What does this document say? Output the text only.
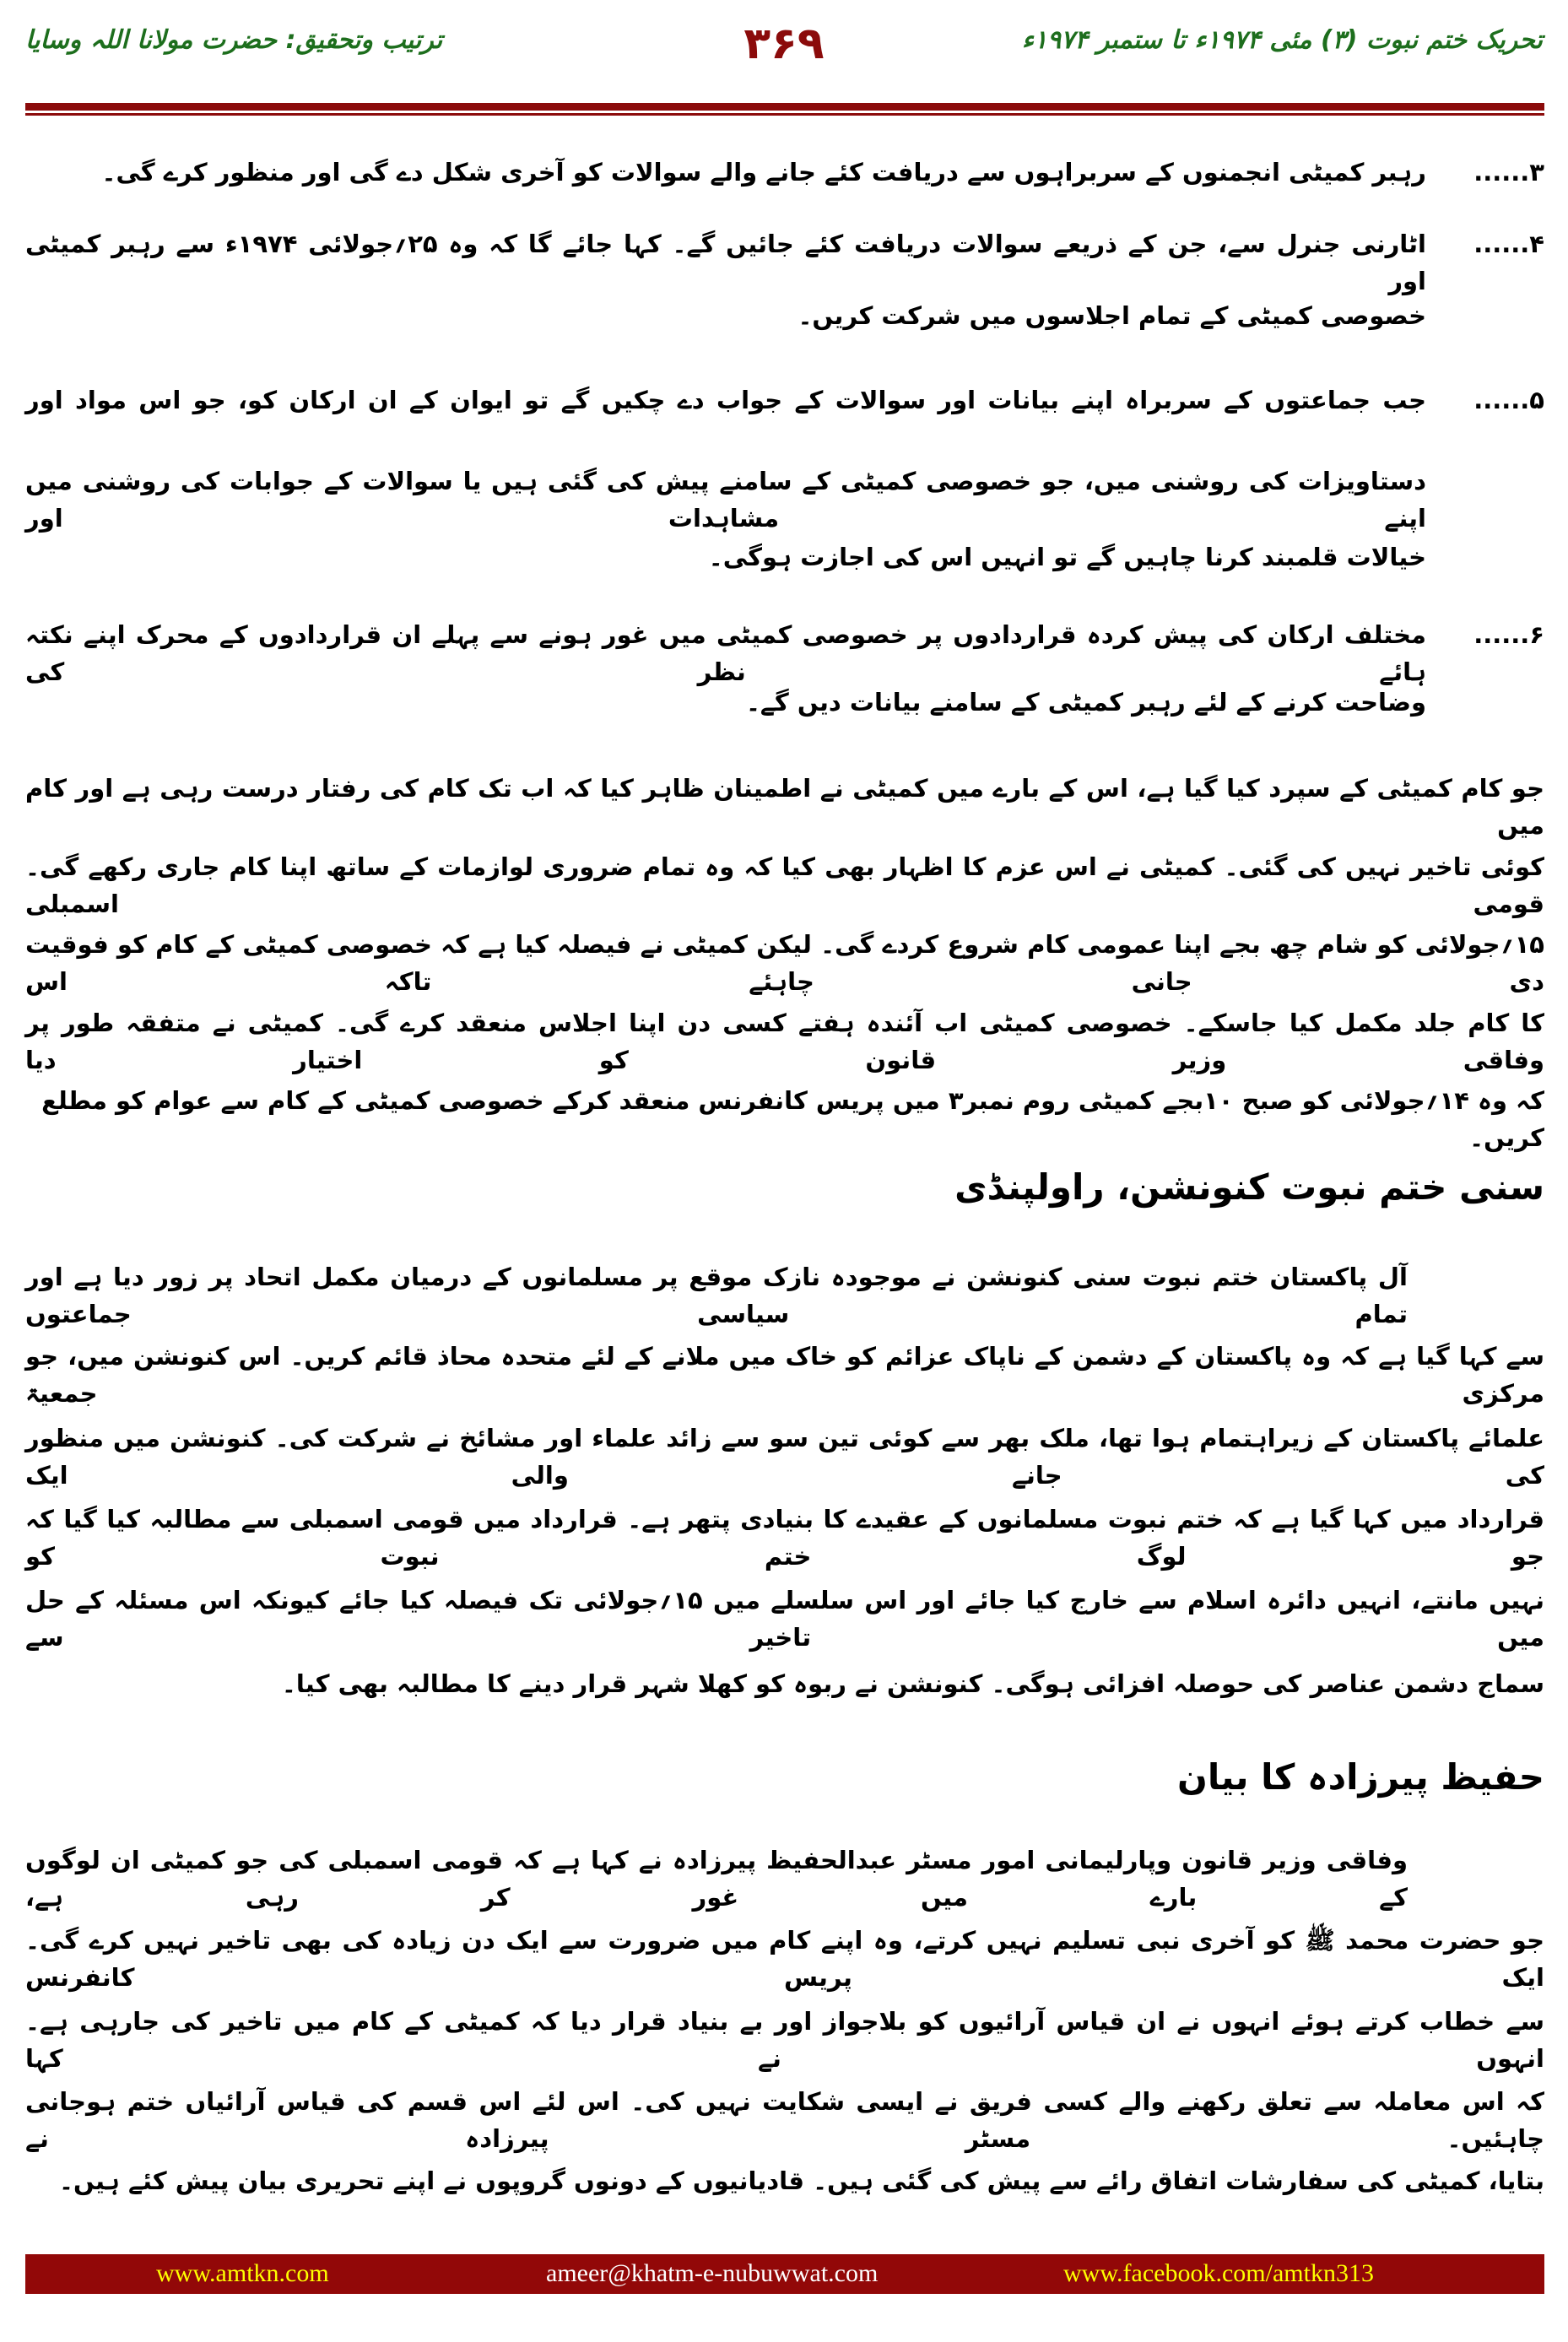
تحریک ختم نبوت (۳) مئی ۱۹۷۴ء تا ستمبر ۱۹۷۴ء
۳۶۹
ترتیب وتحقیق: حضرت مولانا اللہ وسایا
۳......
رہبر کمیٹی انجمنوں کے سربراہوں سے دریافت کئے جانے والے سوالات کو آخری شکل دے گی اور منظور کرے گی۔
۴......
اٹارنی جنرل سے، جن کے ذریعے سوالات دریافت کئے جائیں گے۔ کہا جائے گا کہ وہ ۲۵؍جولائی ۱۹۷۴ء سے رہبر کمیٹی اور
خصوصی کمیٹی کے تمام اجلاسوں میں شرکت کریں۔
۵......
جب جماعتوں کے سربراہ اپنے بیانات اور سوالات کے جواب دے چکیں گے تو ایوان کے ان ارکان کو، جو اس مواد اور
دستاویزات کی روشنی میں، جو خصوصی کمیٹی کے سامنے پیش کی گئی ہیں یا سوالات کے جوابات کی روشنی میں اپنے مشاہدات اور
خیالات قلمبند کرنا چاہیں گے تو انہیں اس کی اجازت ہوگی۔
۶......
مختلف ارکان کی پیش کردہ قراردادوں پر خصوصی کمیٹی میں غور ہونے سے پہلے ان قراردادوں کے محرک اپنے نکتہ ہائے نظر کی
وضاحت کرنے کے لئے رہبر کمیٹی کے سامنے بیانات دیں گے۔
جو کام کمیٹی کے سپرد کیا گیا ہے، اس کے بارے میں کمیٹی نے اطمینان ظاہر کیا کہ اب تک کام کی رفتار درست رہی ہے اور کام میں
کوئی تاخیر نہیں کی گئی۔ کمیٹی نے اس عزم کا اظہار بھی کیا کہ وہ تمام ضروری لوازمات کے ساتھ اپنا کام جاری رکھے گی۔ قومی اسمبلی
۱۵؍جولائی کو شام چھ بجے اپنا عمومی کام شروع کردے گی۔ لیکن کمیٹی نے فیصلہ کیا ہے کہ خصوصی کمیٹی کے کام کو فوقیت دی جانی چاہئے تاکہ اس
کا کام جلد مکمل کیا جاسکے۔ خصوصی کمیٹی اب آئندہ ہفتے کسی دن اپنا اجلاس منعقد کرے گی۔ کمیٹی نے متفقہ طور پر وفاقی وزیر قانون کو اختیار دیا
کہ وہ ۱۴؍جولائی کو صبح ۱۰بجے کمیٹی روم نمبر۳ میں پریس کانفرنس منعقد کرکے خصوصی کمیٹی کے کام سے عوام کو مطلع کریں۔
سنی ختم نبوت کنونشن، راولپنڈی
آل پاکستان ختم نبوت سنی کنونشن نے موجودہ نازک موقع پر مسلمانوں کے درمیان مکمل اتحاد پر زور دیا ہے اور تمام سیاسی جماعتوں
سے کہا گیا ہے کہ وہ پاکستان کے دشمن کے ناپاک عزائم کو خاک میں ملانے کے لئے متحدہ محاذ قائم کریں۔ اس کنونشن میں، جو مرکزی جمعیۃ
علمائے پاکستان کے زیراہتمام ہوا تھا، ملک بھر سے کوئی تین سو سے زائد علماء اور مشائخ نے شرکت کی۔ کنونشن میں منظور کی جانے والی ایک
قرارداد میں کہا گیا ہے کہ ختم نبوت مسلمانوں کے عقیدے کا بنیادی پتھر ہے۔ قرارداد میں قومی اسمبلی سے مطالبہ کیا گیا کہ جو لوگ ختم نبوت کو
نہیں مانتے، انہیں دائرہ اسلام سے خارج کیا جائے اور اس سلسلے میں ۱۵؍جولائی تک فیصلہ کیا جائے کیونکہ اس مسئلہ کے حل میں تاخیر سے
سماج دشمن عناصر کی حوصلہ افزائی ہوگی۔ کنونشن نے ربوہ کو کھلا شہر قرار دینے کا مطالبہ بھی کیا۔
حفیظ پیرزادہ کا بیان
وفاقی وزیر قانون وپارلیمانی امور مسٹر عبدالحفیظ پیرزادہ نے کہا ہے کہ قومی اسمبلی کی جو کمیٹی ان لوگوں کے بارے میں غور کر رہی ہے،
جو حضرت محمد ﷺ کو آخری نبی تسلیم نہیں کرتے، وہ اپنے کام میں ضرورت سے ایک دن زیادہ کی بھی تاخیر نہیں کرے گی۔ ایک پریس کانفرنس
سے خطاب کرتے ہوئے انہوں نے ان قیاس آرائیوں کو بلاجواز اور بے بنیاد قرار دیا کہ کمیٹی کے کام میں تاخیر کی جارہی ہے۔ انہوں نے کہا
کہ اس معاملہ سے تعلق رکھنے والے کسی فریق نے ایسی شکایت نہیں کی۔ اس لئے اس قسم کی قیاس آرائیاں ختم ہوجانی چاہئیں۔ مسٹر پیرزادہ نے
بتایا، کمیٹی کی سفارشات اتفاق رائے سے پیش کی گئی ہیں۔ قادیانیوں کے دونوں گروپوں نے اپنے تحریری بیان پیش کئے ہیں۔
www.amtkn.com	ameer@khatm-e-nubuwwat.com	www.facebook.com/amtkn313
